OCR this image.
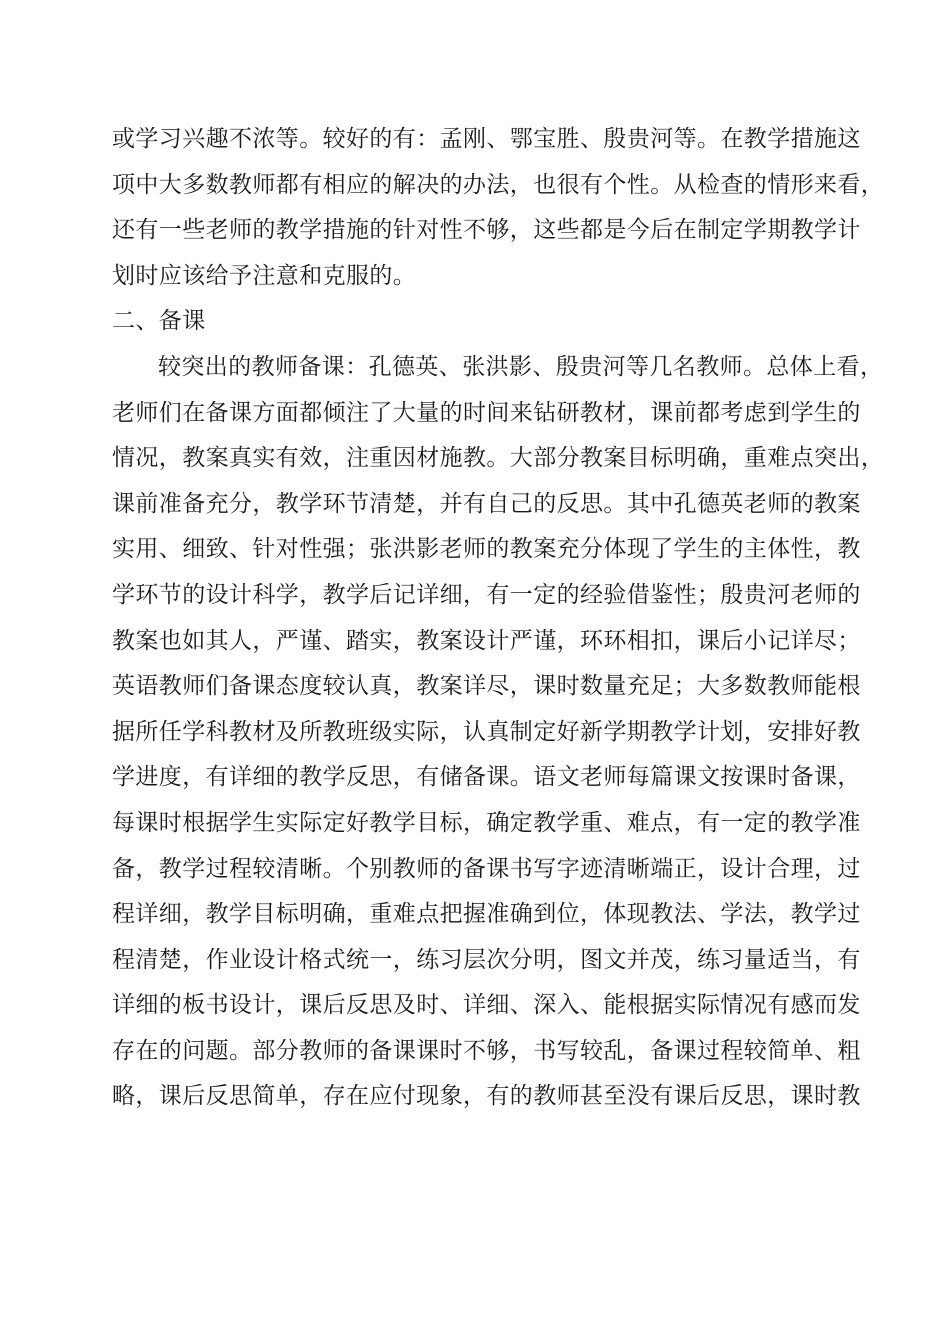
或学习兴趣不浓等。较好的有：孟刚、鄂宝胜、殷贵河等。在教学措施这
项中大多数教师都有相应的解决的办法，也很有个性。从检查的情形来看，
还有一些老师的教学措施的针对性不够，这些都是今后在制定学期教学计
划时应该给予注意和克服的。
二、备课
较突出的教师备课：孔德英、张洪影、殷贵河等几名教师。总体上看，
老师们在备课方面都倾注了大量的时间来钻研教材，课前都考虑到学生的
情况，教案真实有效，注重因材施教。大部分教案目标明确，重难点突出，
课前准备充分，教学环节清楚，并有自己的反思。其中孔德英老师的教案
实用、细致、针对性强；张洪影老师的教案充分体现了学生的主体性，教
学环节的设计科学，教学后记详细，有一定的经验借鉴性；殷贵河老师的
教案也如其人，严谨、踏实，教案设计严谨，环环相扣，课后小记详尽；
英语教师们备课态度较认真，教案详尽，课时数量充足；大多数教师能根
据所任学科教材及所教班级实际，认真制定好新学期教学计划，安排好教
学进度，有详细的教学反思，有储备课。语文老师每篇课文按课时备课，
每课时根据学生实际定好教学目标，确定教学重、难点，有一定的教学准
备，教学过程较清晰。个别教师的备课书写字迹清晰端正，设计合理，过
程详细，教学目标明确，重难点把握准确到位，体现教法、学法，教学过
程清楚，作业设计格式统一，练习层次分明，图文并茂，练习量适当，有
详细的板书设计，课后反思及时、详细、深入、能根据实际情况有感而发
存在的问题。部分教师的备课课时不够，书写较乱，备课过程较简单、粗
略，课后反思简单，存在应付现象，有的教师甚至没有课后反思，课时教
